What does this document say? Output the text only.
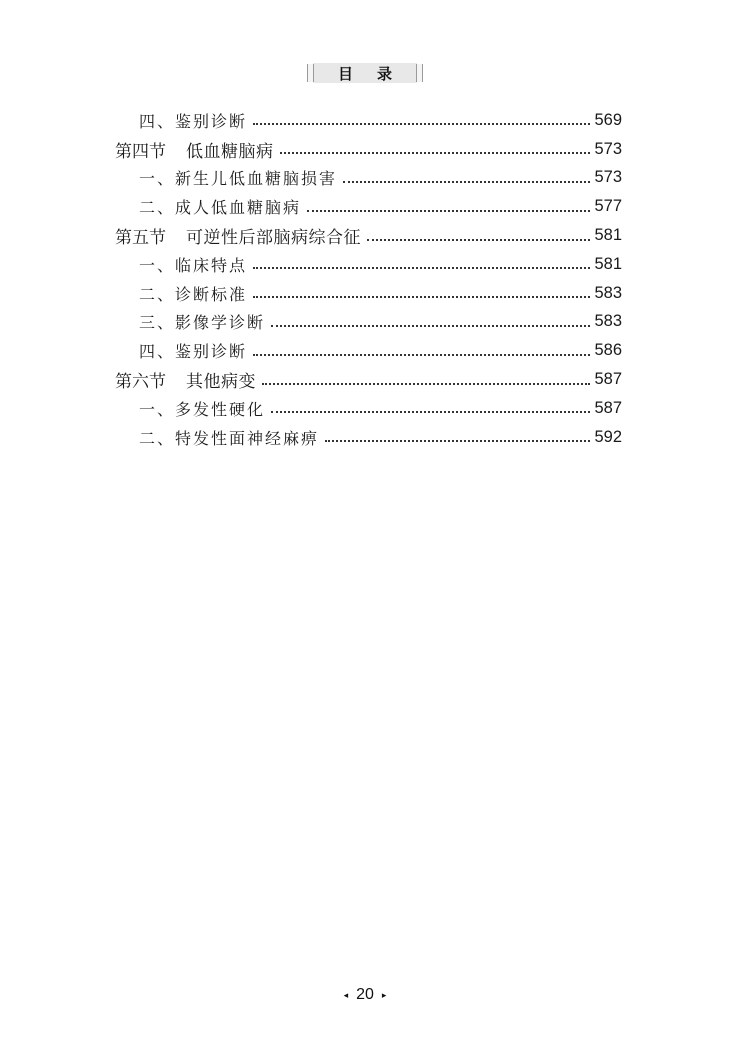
目录
四、鉴别诊断	569
第四节 低血糖脑病	573
一、新生儿低血糖脑损害	573
二、成人低血糖脑病	577
第五节 可逆性后部脑病综合征	581
一、临床特点	581
二、诊断标准	583
三、影像学诊断	583
四、鉴别诊断	586
第六节 其他病变	587
一、多发性硬化	587
二、特发性面神经麻痹	592
◂ 20 ▸
